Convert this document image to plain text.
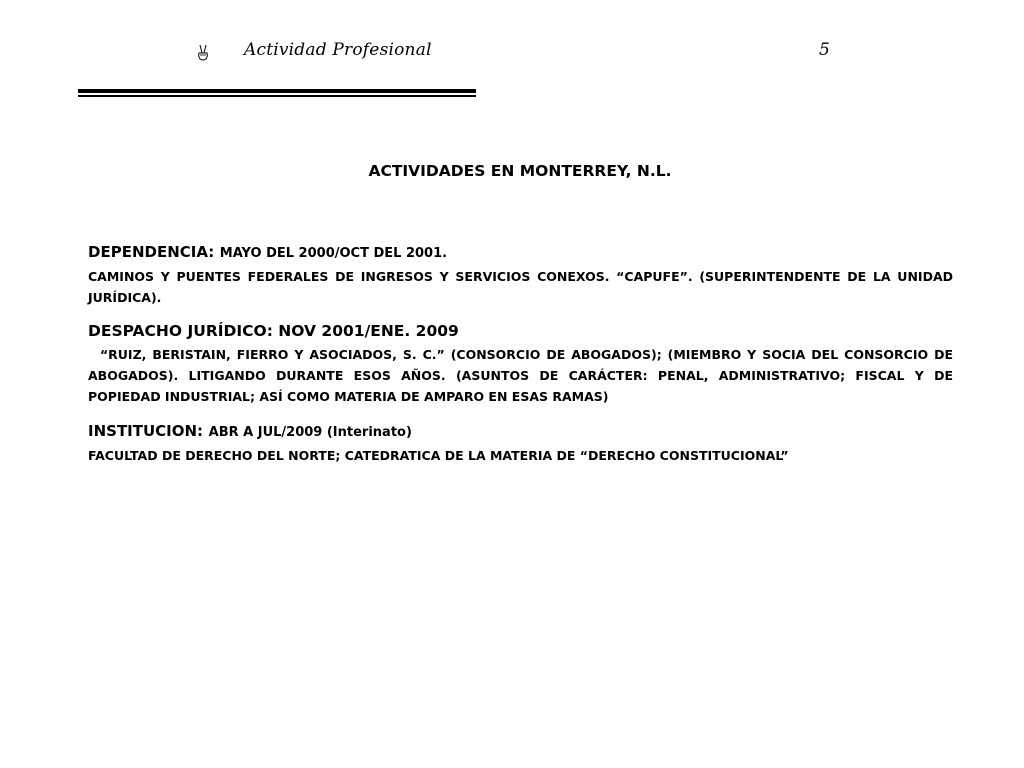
Actividad Profesional	5
ACTIVIDADES EN MONTERREY, N.L.

DEPENDENCIA: MAYO DEL 2000/OCT DEL 2001.

CAMINOS Y PUENTES FEDERALES DE INGRESOS Y SERVICIOS CONEXOS. “CAPUFE”. (SUPERINTENDENTE DE LA UNIDAD JURÍDICA).

DESPACHO JURÍDICO: NOV 2001/ENE. 2009

“RUIZ, BERISTAIN, FIERRO Y ASOCIADOS, S. C.” (CONSORCIO DE ABOGADOS); (MIEMBRO Y SOCIA DEL CONSORCIO DE ABOGADOS). LITIGANDO DURANTE ESOS AÑOS. (ASUNTOS DE CARÁCTER: PENAL, ADMINISTRATIVO; FISCAL Y DE POPIEDAD INDUSTRIAL; ASÍ COMO MATERIA DE AMPARO EN ESAS RAMAS)

INSTITUCION: ABR A JUL/2009 (Interinato)

FACULTAD DE DERECHO DEL NORTE; CATEDRATICA DE LA MATERIA DE “DERECHO CONSTITUCIONAL”
